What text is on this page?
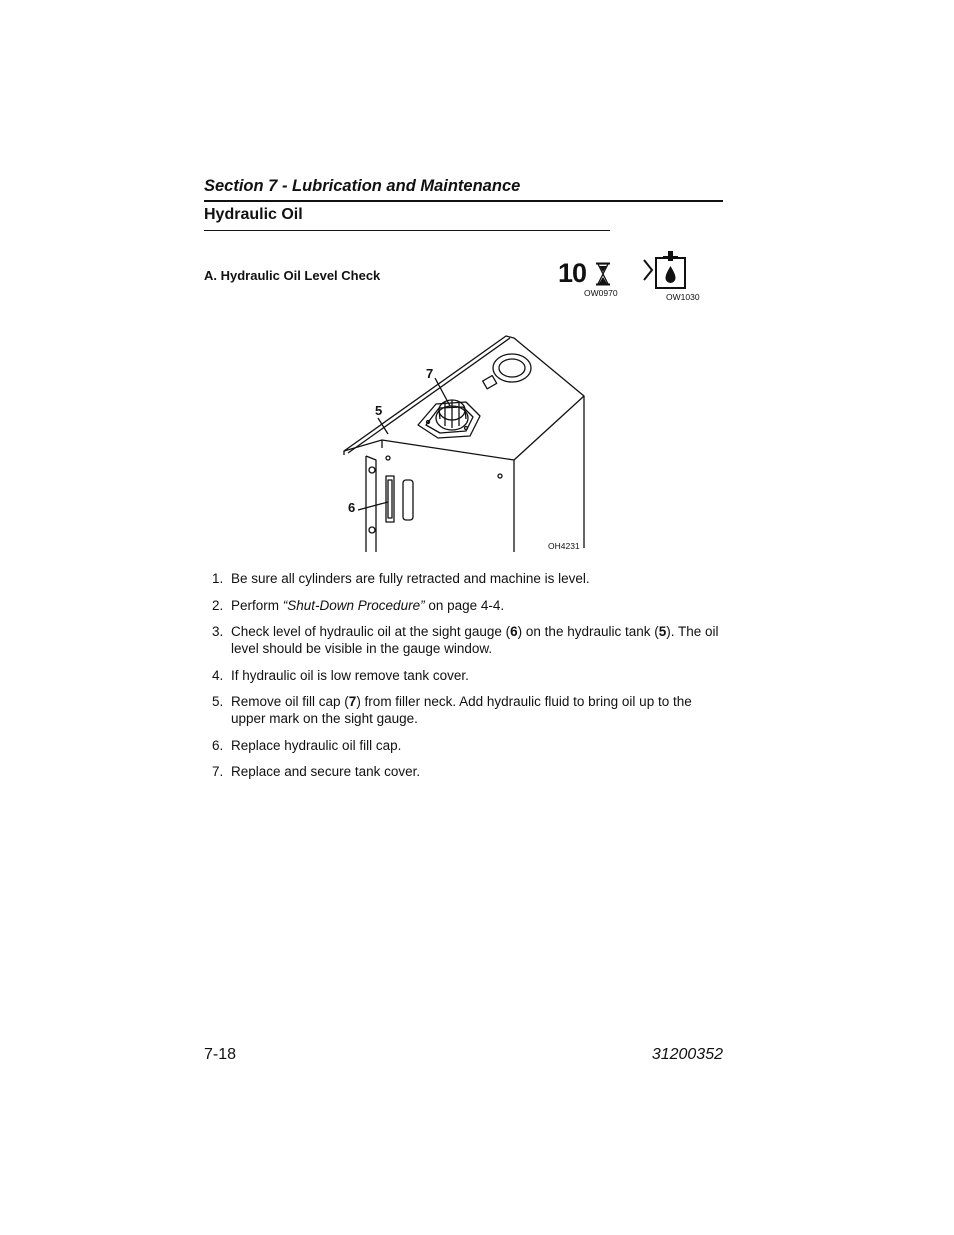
Section 7 - Lubrication and Maintenance
Hydraulic Oil
A. Hydraulic Oil Level Check	10
OW0970	OW1030
7
5
6
OH4231
1. Be sure all cylinders are fully retracted and machine is level.
2. Perform “Shut-Down Procedure” on page 4-4.
3. Check level of hydraulic oil at the sight gauge (6) on the hydraulic tank (5). The oil level should be visible in the gauge window.
4. If hydraulic oil is low remove tank cover.
5. Remove oil fill cap (7) from filler neck. Add hydraulic fluid to bring oil up to the upper mark on the sight gauge.
6. Replace hydraulic oil fill cap.
7. Replace and secure tank cover.
7-18	31200352
